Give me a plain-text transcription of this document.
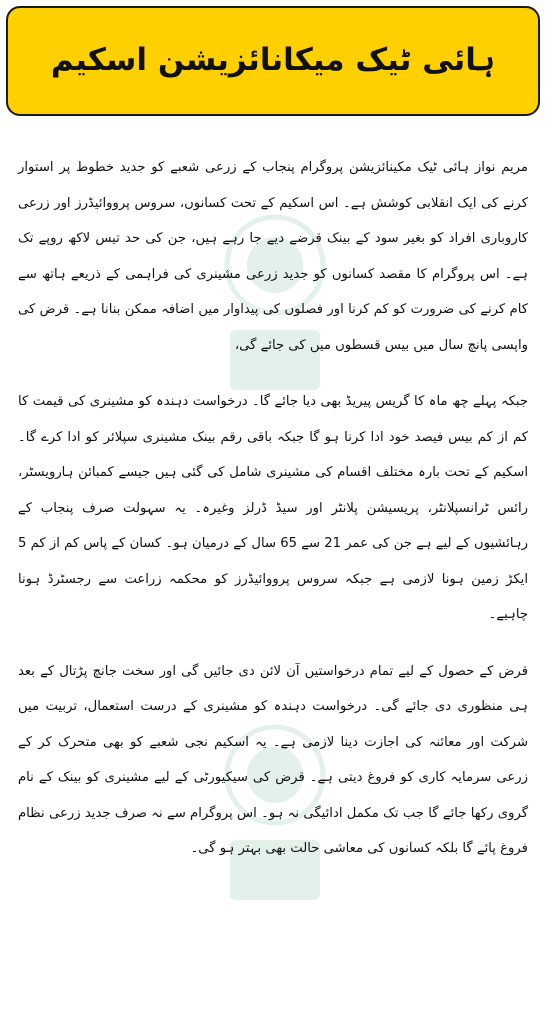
ہائی ٹیک میکانائزیشن اسکیم

مریم نواز ہائی ٹیک مکینائزیشن پروگرام پنجاب کے زرعی شعبے کو جدید خطوط پر استوار کرنے کی ایک انقلابی کوشش ہے۔ اس اسکیم کے تحت کسانوں، سروس پرووائیڈرز اور زرعی کاروباری افراد کو بغیر سود کے بینک قرضے دیے جا رہے ہیں، جن کی حد تیس لاکھ روپے تک ہے۔ اس پروگرام کا مقصد کسانوں کو جدید زرعی مشینری کی فراہمی کے ذریعے ہاتھ سے کام کرنے کی ضرورت کو کم کرنا اور فصلوں کی پیداوار میں اضافہ ممکن بنانا ہے۔ قرض کی واپسی پانچ سال میں بیس قسطوں میں کی جائے گی،

جبکہ پہلے چھ ماہ کا گریس پیریڈ بھی دیا جائے گا۔ درخواست دہندہ کو مشینری کی قیمت کا کم از کم بیس فیصد خود ادا کرنا ہو گا جبکہ باقی رقم بینک مشینری سپلائر کو ادا کرے گا۔ اسکیم کے تحت بارہ مختلف اقسام کی مشینری شامل کی گئی ہیں جیسے کمبائن ہارویسٹر، رائس ٹرانسپلانٹر، پریسیشن پلانٹر اور سیڈ ڈرلز وغیرہ۔ یہ سہولت صرف پنجاب کے رہائشیوں کے لیے ہے جن کی عمر 21 سے 65 سال کے درمیان ہو۔ کسان کے پاس کم از کم 5 ایکڑ زمین ہونا لازمی ہے جبکہ سروس پرووائیڈرز کو محکمہ زراعت سے رجسٹرڈ ہونا چاہیے۔

قرض کے حصول کے لیے تمام درخواستیں آن لائن دی جائیں گی اور سخت جانچ پڑتال کے بعد ہی منظوری دی جائے گی۔ درخواست دہندہ کو مشینری کے درست استعمال، تربیت میں شرکت اور معائنہ کی اجازت دینا لازمی ہے۔ یہ اسکیم نجی شعبے کو بھی متحرک کر کے زرعی سرمایہ کاری کو فروغ دیتی ہے۔ قرض کی سیکیورٹی کے لیے مشینری کو بینک کے نام گروی رکھا جائے گا جب تک مکمل ادائیگی نہ ہو۔ اس پروگرام سے نہ صرف جدید زرعی نظام فروغ پائے گا بلکہ کسانوں کی معاشی حالت بھی بہتر ہو گی۔
